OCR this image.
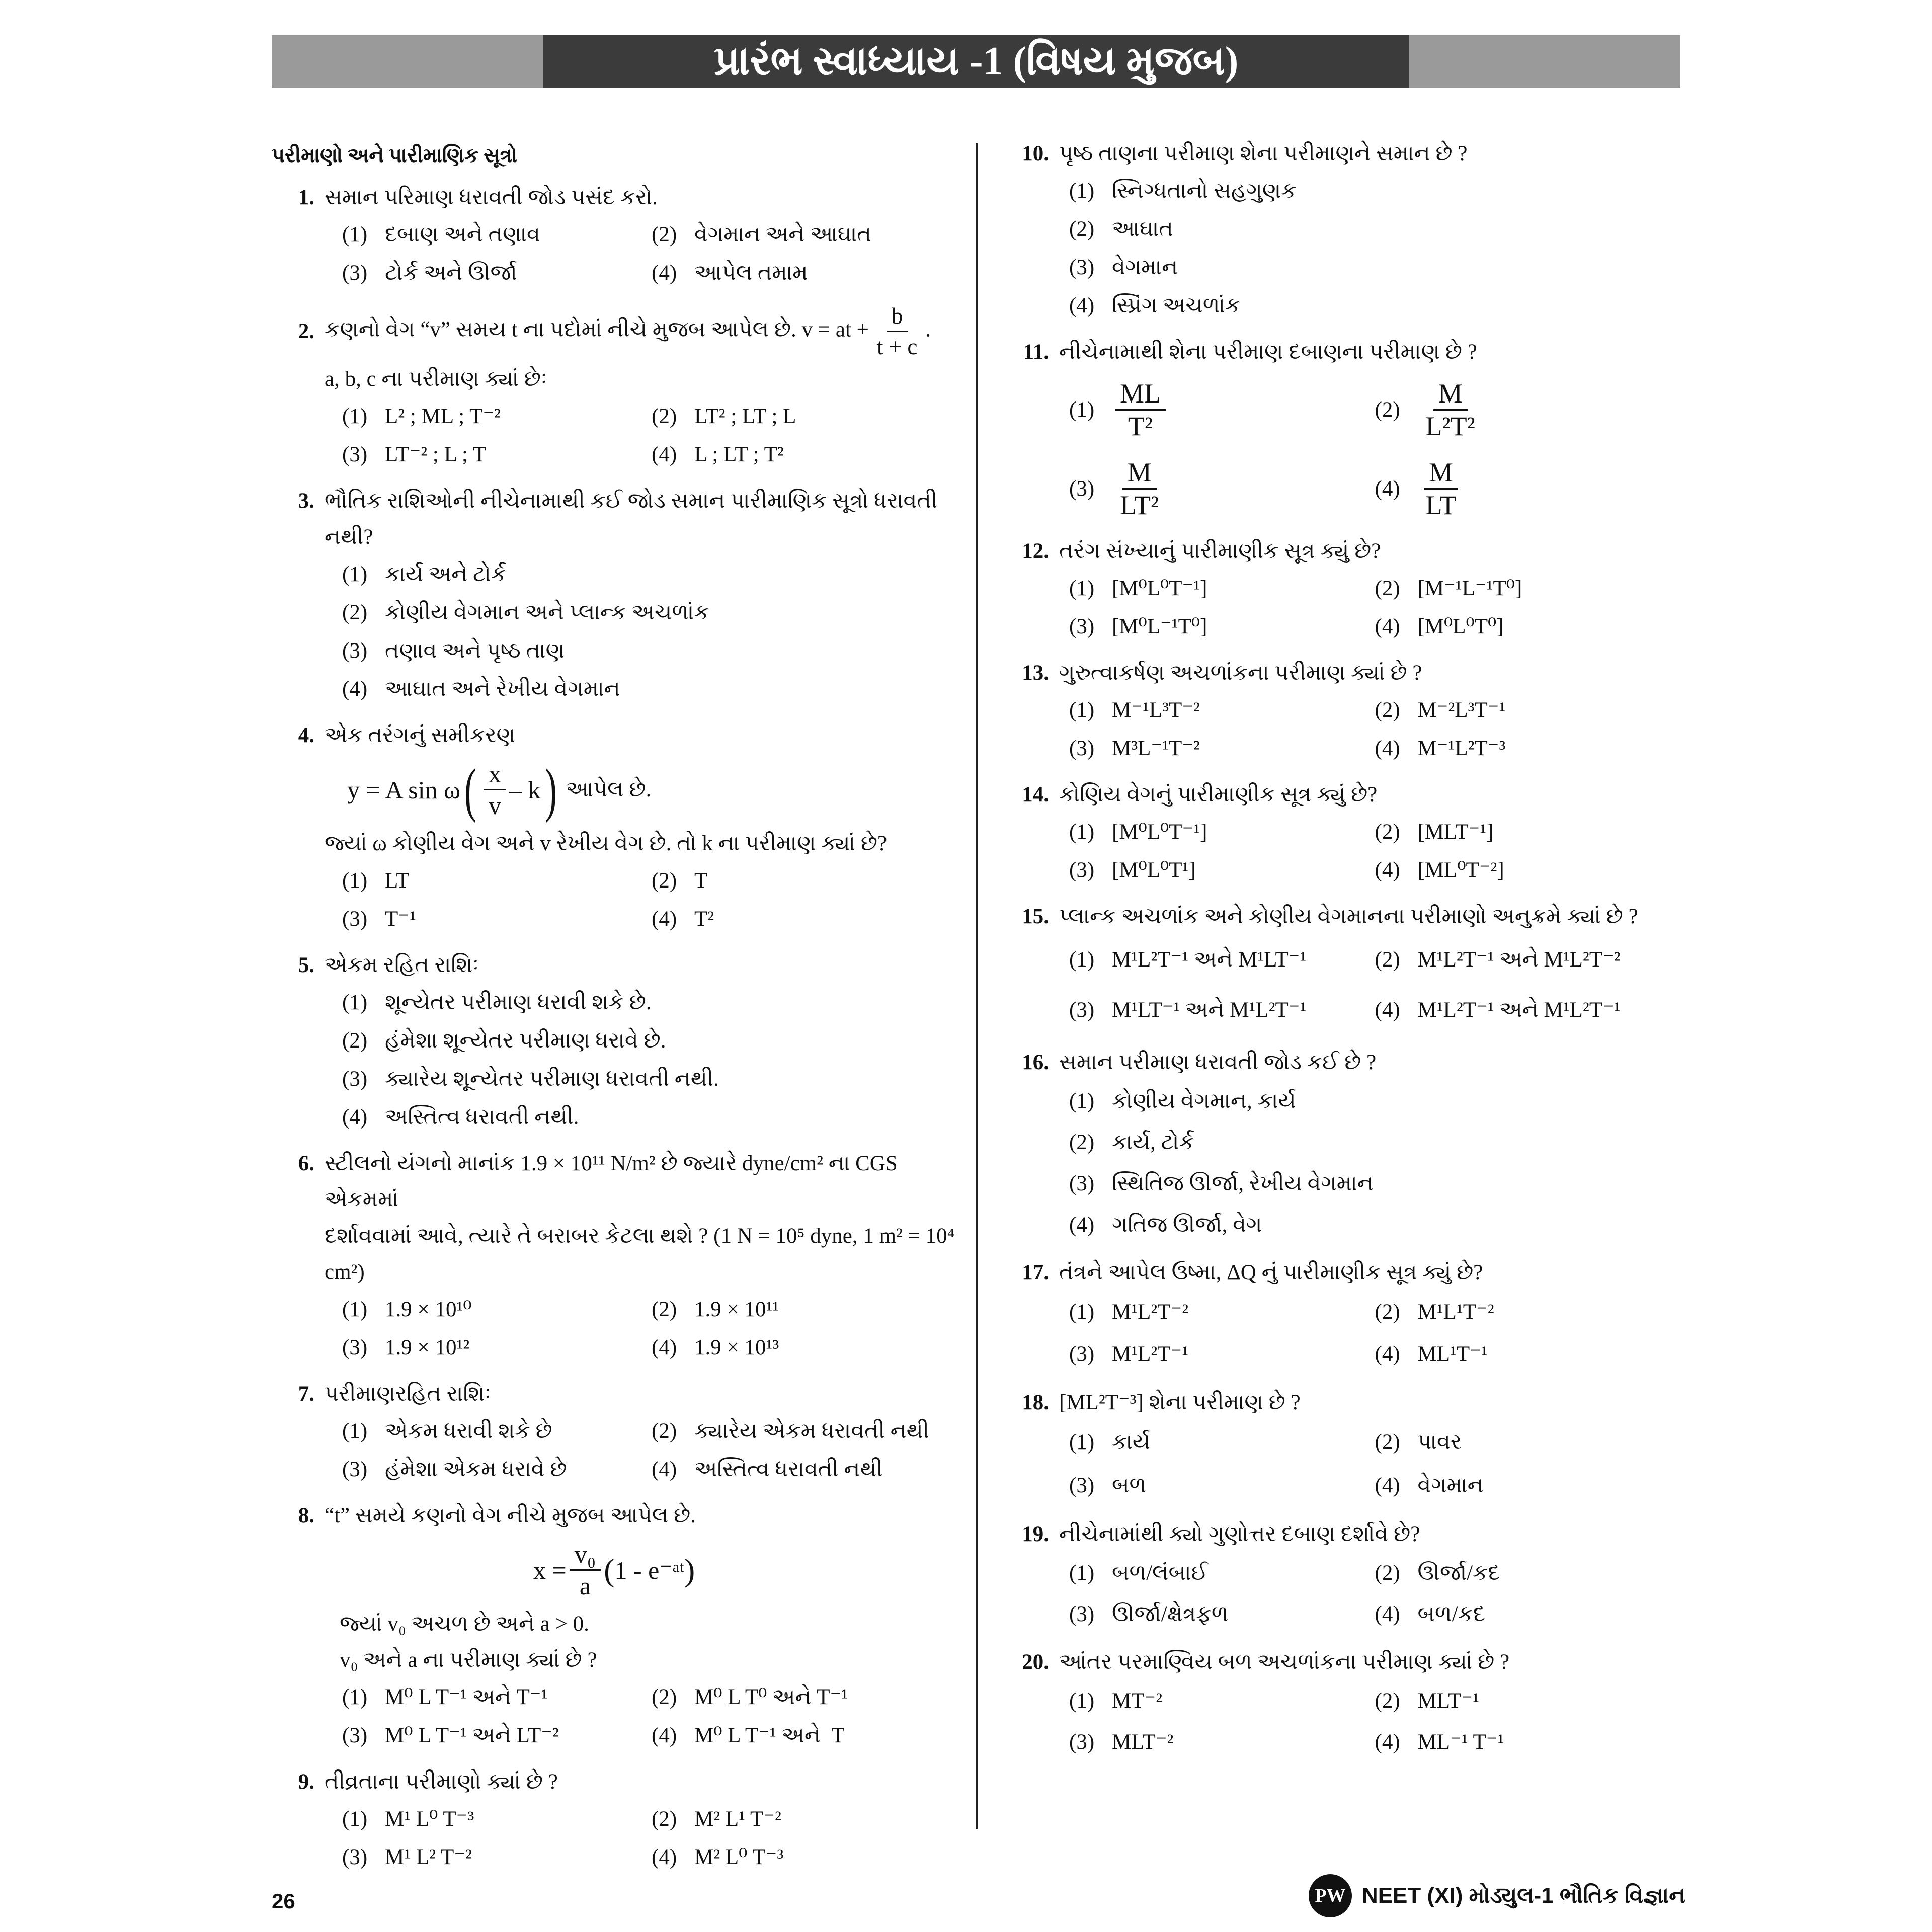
પ્રારંભ સ્વાધ્યાય -1 (વિષય મુજબ)
પરીમાણો અને પારીમાણિક સૂત્રો
1. સમાન પરિમાણ ધરાવતી જોડ પસંદ કરો.
(1) દબાણ અને તણાવ	(2) વેગમાન અને આઘાત
(3) ટોર્ક અને ઊર્જા	(4) આપેલ તમામ
2. કણનો વેગ “v” સમય t ના પદોમાં નીચે મુજબ આપેલ છે. v = at + $\frac{b}{t + c}$ .
a, b, c ના પરીમાણ ક્યાં છેઃ
(1) L² ; ML ; T⁻²	(2) LT² ; LT ; L
(3) LT⁻² ; L ; T	(4) L ; LT ; T²
3. ભૌતિક રાશિઓની નીચેનામાથી કઈ જોડ સમાન પારીમાણિક સૂત્રો ધરાવતી નથી?
(1) કાર્ય અને ટોર્ક
(2) કોણીય વેગમાન અને પ્લાન્ક અચળાંક
(3) તણાવ અને પૃષ્ઠ તાણ
(4) આઘાત અને રેખીય વેગમાન
4. એક તરંગનું સમીકરણ
y = A sin ω ( $\frac{x}{v}$ – k ) આપેલ છે.
જ્યાં ω કોણીય વેગ અને v રેખીય વેગ છે. તો k ના પરીમાણ ક્યાં છે?
(1) LT	(2) T
(3) T⁻¹	(4) T²
5. એકમ રહિત રાશિઃ
(1) શૂન્યેતર પરીમાણ ધરાવી શકે છે.
(2) હંમેશા શૂન્યેતર પરીમાણ ધરાવે છે.
(3) ક્યારેય શૂન્યેતર પરીમાણ ધરાવતી નથી.
(4) અસ્તિત્વ ધરાવતી નથી.
6. સ્ટીલનો યંગનો માનાંક 1.9 × 10¹¹ N/m² છે જ્યારે dyne/cm² ના CGS એકમમાં
દર્શાવવામાં આવે, ત્યારે તે બરાબર કેટલા થશે ? (1 N = 10⁵ dyne, 1 m² = 10⁴
cm²)
(1) 1.9 × 10¹⁰	(2) 1.9 × 10¹¹
(3) 1.9 × 10¹²	(4) 1.9 × 10¹³
7. પરીમાણરહિત રાશિઃ
(1) એકમ ધરાવી શકે છે	(2) ક્યારેય એકમ ધરાવતી નથી
(3) હંમેશા એકમ ધરાવે છે	(4) અસ્તિત્વ ધરાવતી નથી
8. “t” સમયે કણનો વેગ નીચે મુજબ આપેલ છે.
$x = \frac{\text{v₀}}{a}$ ( 1 - e⁻ᵃᵗ )
જ્યાં v₀ અચળ છે અને a > 0.
v₀ અને a ના પરીમાણ ક્યાં છે ?
(1) M⁰ L T⁻¹ અને T⁻¹	(2) M⁰ L T⁰ અને T⁻¹
(3) M⁰ L T⁻¹ અને LT⁻²	(4) M⁰ L T⁻¹ અને  T
9. તીવ્રતાના પરીમાણો ક્યાં છે ?
(1) M¹ L⁰ T⁻³	(2) M² L¹ T⁻²
(3) M¹ L² T⁻²	(4) M² L⁰ T⁻³
10. પૃષ્ઠ તાણના પરીમાણ શેના પરીમાણને સમાન છે ?
(1) સ્નિગ્ધતાનો સહગુણક
(2) આઘાત
(3) વેગમાન
(4) સ્પ્રિંગ અચળાંક
11. નીચેનામાથી શેના પરીમાણ દબાણના પરીમાણ છે ?
$(1) \frac{ML}{\text{T²}}$	$(2) \frac{M}{\text{L²T²}}$
$(3) \frac{M}{\text{LT²}}$	$(4) \frac{M}{LT}$
12. તરંગ સંખ્યાનું પારીમાણીક સૂત્ર ક્યું છે?
(1) [M⁰L⁰T⁻¹]	(2) [M⁻¹L⁻¹T⁰]
(3) [M⁰L⁻¹T⁰]	(4) [M⁰L⁰T⁰]
13. ગુરુત્વાકર્ષણ અચળાંકના પરીમાણ ક્યાં છે ?
(1) M⁻¹L³T⁻²	(2) M⁻²L³T⁻¹
(3) M³L⁻¹T⁻²	(4) M⁻¹L²T⁻³
14. કોણિય વેગનું પારીમાણીક સૂત્ર ક્યું છે?
(1) [M⁰L⁰T⁻¹]	(2) [MLT⁻¹]
(3) [M⁰L⁰T¹]	(4) [ML⁰T⁻²]
15. પ્લાન્ક અચળાંક અને કોણીય વેગમાનના પરીમાણો અનુક્રમે ક્યાં છે ?
(1) M¹L²T⁻¹ અને M¹LT⁻¹	(2) M¹L²T⁻¹ અને M¹L²T⁻²
(3) M¹LT⁻¹ અને M¹L²T⁻¹	(4) M¹L²T⁻¹ અને M¹L²T⁻¹
16. સમાન પરીમાણ ધરાવતી જોડ કઈ છે ?
(1) કોણીય વેગમાન, કાર્ય
(2) કાર્ય, ટોર્ક
(3) સ્થિતિજ ઊર્જા, રેખીય વેગમાન
(4) ગતિજ ઊર્જા, વેગ
17. તંત્રને આપેલ ઉષ્મા, ΔQ નું પારીમાણીક સૂત્ર ક્યું છે?
(1) M¹L²T⁻²	(2) M¹L¹T⁻²
(3) M¹L²T⁻¹	(4) ML¹T⁻¹
18. [ML²T⁻³] શેના પરીમાણ છે ?
(1) કાર્ય	(2) પાવર
(3) બળ	(4) વેગમાન
19. નીચેનામાંથી ક્યો ગુણોત્તર દબાણ દર્શાવે છે?
(1) બળ/લંબાઈ	(2) ઊર્જા/કદ
(3) ઊર્જા/ક્ષેત્રફળ	(4) બળ/કદ
20. આંતર પરમાણ્વિય બળ અચળાંકના પરીમાણ ક્યાં છે ?
(1) MT⁻²	(2) MLT⁻¹
(3) MLT⁻²	(4) ML⁻¹ T⁻¹
26	PW NEET (XI) મોડ્યુલ-1 ભૌતિક વિજ્ઞાન
